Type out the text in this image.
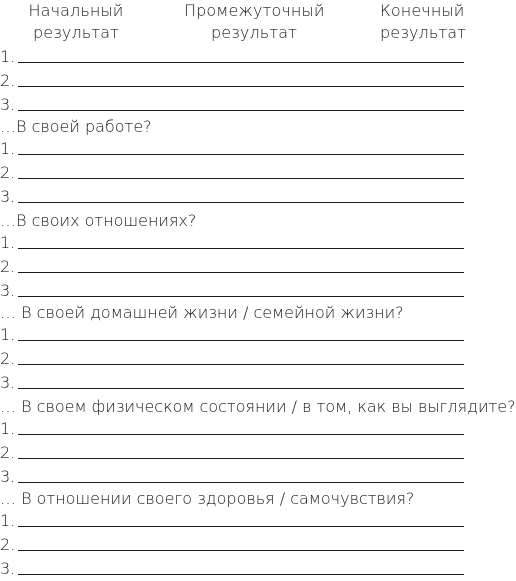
Начальный
результат
Промежуточный
результат
Конечный
результат
1.
2.
3.
…В своей работе?
1.
2.
3.
…В своих отношениях?
1.
2.
3.
… В своей домашней жизни / семейной жизни?
1.
2.
3.
… В своем физическом состоянии / в том, как вы выглядите?
1.
2.
3.
… В отношении своего здоровья / самочувствия?
1.
2.
3.
